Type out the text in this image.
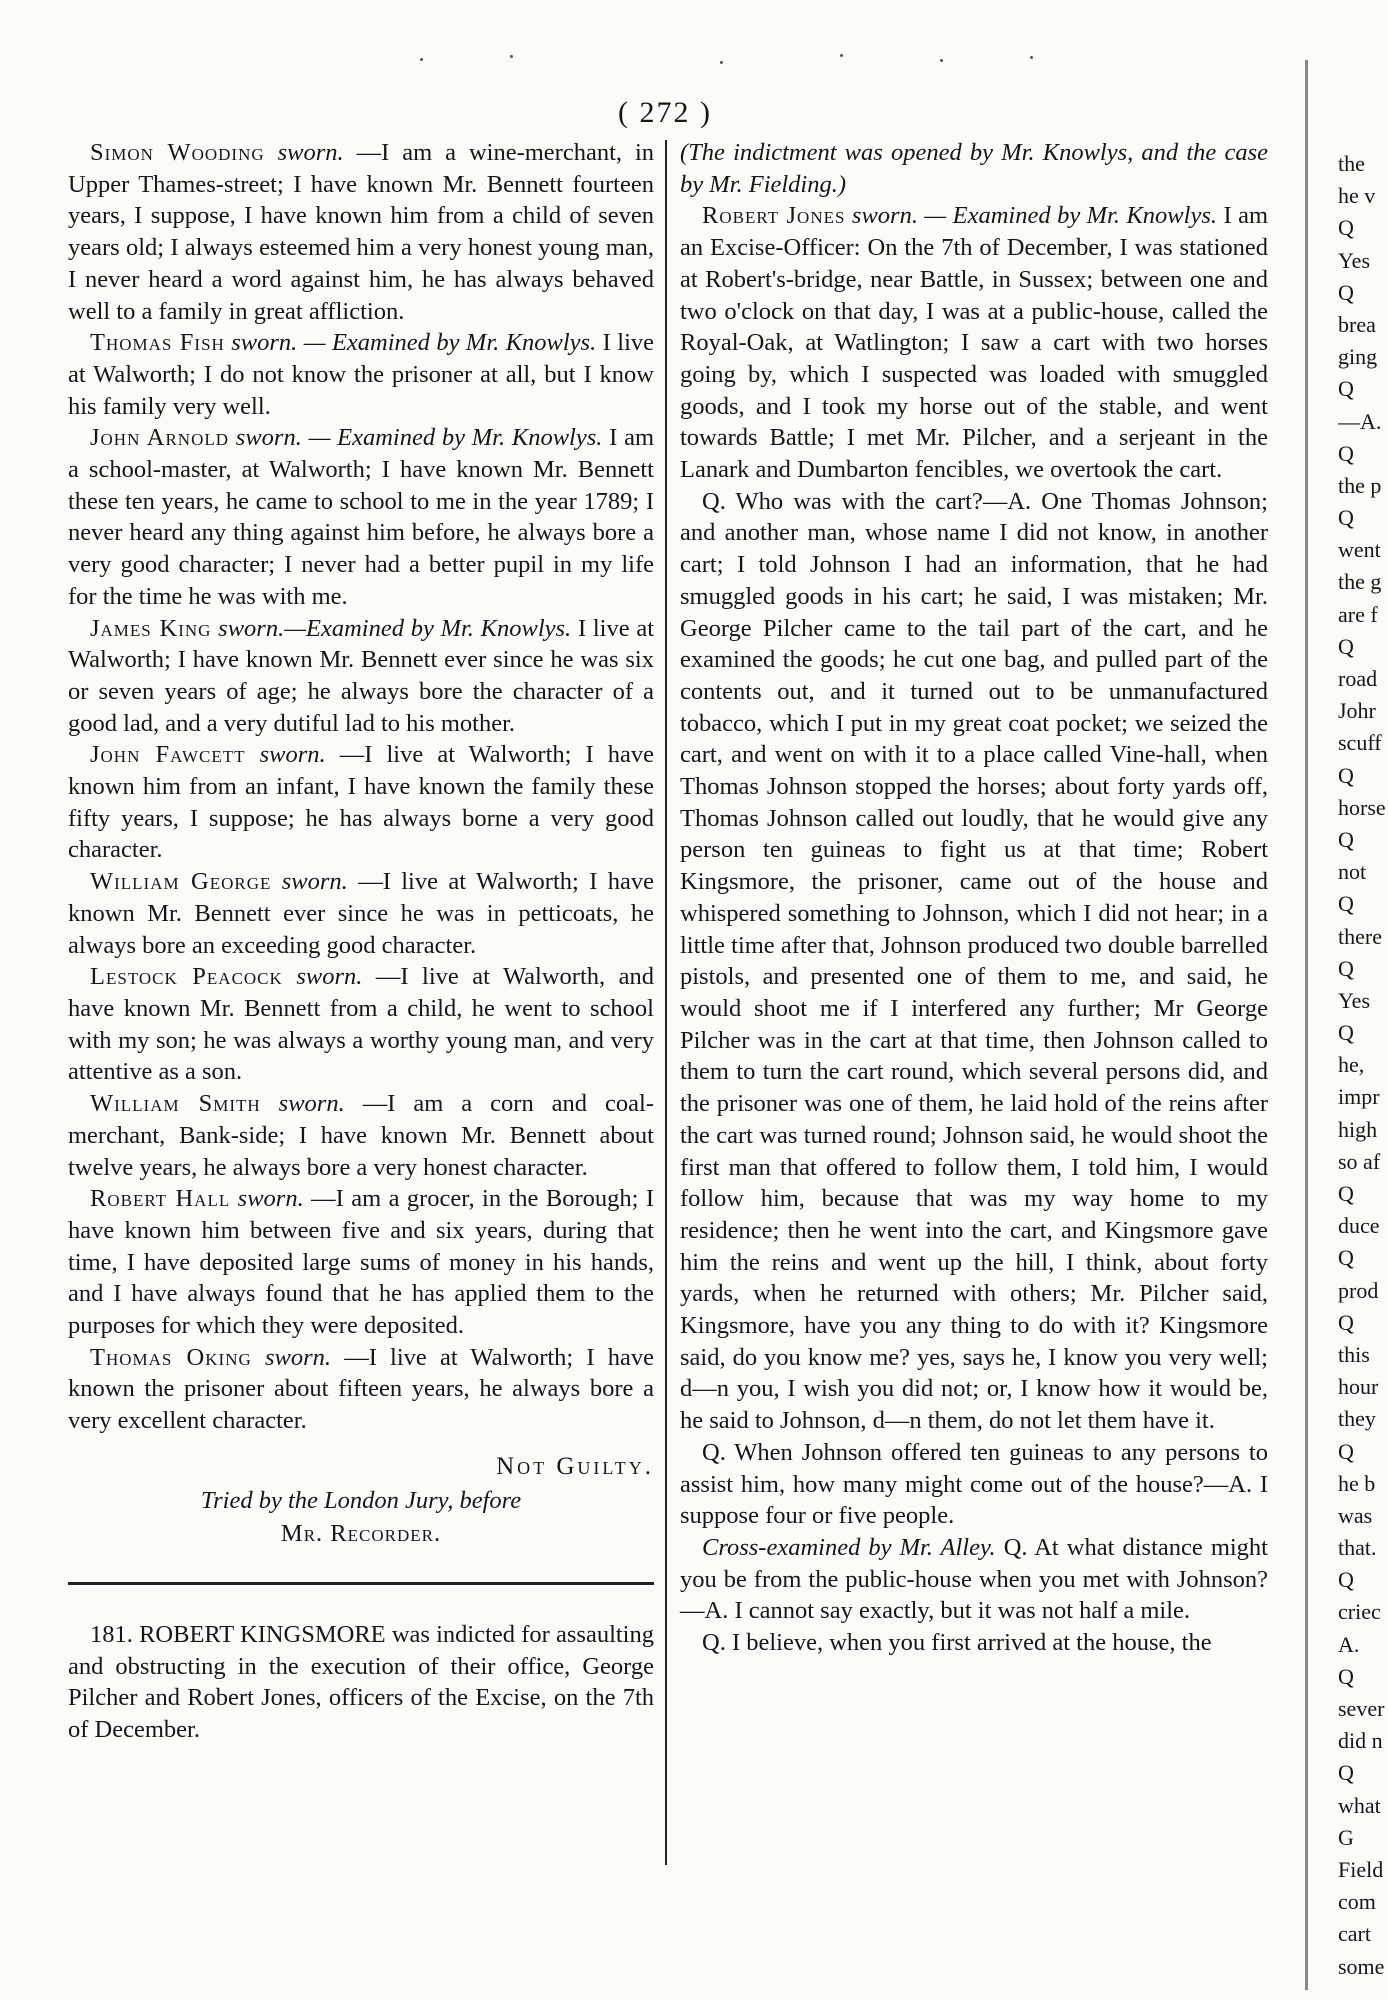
( 272 )

Simon Wooding sworn. —I am a wine-merchant, in Upper Thames-street; I have known Mr. Bennett fourteen years, I suppose, I have known him from a child of seven years old; I always esteemed him a very honest young man, I never heard a word against him, he has always behaved well to a family in great affliction.

Thomas Fish sworn. — Examined by Mr. Knowlys. I live at Walworth; I do not know the prisoner at all, but I know his family very well.

John Arnold sworn. — Examined by Mr. Knowlys. I am a school-master, at Walworth; I have known Mr. Bennett these ten years, he came to school to me in the year 1789; I never heard any thing against him before, he always bore a very good character; I never had a better pupil in my life for the time he was with me.

James King sworn.—Examined by Mr. Knowlys. I live at Walworth; I have known Mr. Bennett ever since he was six or seven years of age; he always bore the character of a good lad, and a very dutiful lad to his mother.

John Fawcett sworn. —I live at Walworth; I have known him from an infant, I have known the family these fifty years, I suppose; he has always borne a very good character.

William George sworn. —I live at Walworth; I have known Mr. Bennett ever since he was in petticoats, he always bore an exceeding good character.

Lestock Peacock sworn. —I live at Walworth, and have known Mr. Bennett from a child, he went to school with my son; he was always a worthy young man, and very attentive as a son.

William Smith sworn. —I am a corn and coal-merchant, Bank-side; I have known Mr. Bennett about twelve years, he always bore a very honest character.

Robert Hall sworn. —I am a grocer, in the Borough; I have known him between five and six years, during that time, I have deposited large sums of money in his hands, and I have always found that he has applied them to the purposes for which they were deposited.

Thomas Oking sworn. —I live at Walworth; I have known the prisoner about fifteen years, he always bore a very excellent character.

Not Guilty.
Tried by the London Jury, before
Mr. Recorder.

181. ROBERT KINGSMORE was indicted for assaulting and obstructing in the execution of their office, George Pilcher and Robert Jones, officers of the Excise, on the 7th of December.

(The indictment was opened by Mr. Knowlys, and the case by Mr. Fielding.)

Robert Jones sworn. — Examined by Mr. Knowlys. I am an Excise-Officer: On the 7th of December, I was stationed at Robert's-bridge, near Battle, in Sussex; between one and two o'clock on that day, I was at a public-house, called the Royal-Oak, at Watlington; I saw a cart with two horses going by, which I suspected was loaded with smuggled goods, and I took my horse out of the stable, and went towards Battle; I met Mr. Pilcher, and a serjeant in the Lanark and Dumbarton fencibles, we overtook the cart.

Q. Who was with the cart?—A. One Thomas Johnson; and another man, whose name I did not know, in another cart; I told Johnson I had an information, that he had smuggled goods in his cart; he said, I was mistaken; Mr. George Pilcher came to the tail part of the cart, and he examined the goods; he cut one bag, and pulled part of the contents out, and it turned out to be unmanufactured tobacco, which I put in my great coat pocket; we seized the cart, and went on with it to a place called Vine-hall, when Thomas Johnson stopped the horses; about forty yards off, Thomas Johnson called out loudly, that he would give any person ten guineas to fight us at that time; Robert Kingsmore, the prisoner, came out of the house and whispered something to Johnson, which I did not hear; in a little time after that, Johnson produced two double barrelled pistols, and presented one of them to me, and said, he would shoot me if I interfered any further; Mr George Pilcher was in the cart at that time, then Johnson called to them to turn the cart round, which several persons did, and the prisoner was one of them, he laid hold of the reins after the cart was turned round; Johnson said, he would shoot the first man that offered to follow them, I told him, I would follow him, because that was my way home to my residence; then he went into the cart, and Kingsmore gave him the reins and went up the hill, I think, about forty yards, when he returned with others; Mr. Pilcher said, Kingsmore, have you any thing to do with it? Kingsmore said, do you know me? yes, says he, I know you very well; d—n you, I wish you did not; or, I know how it would be, he said to Johnson, d—n them, do not let them have it.

Q. When Johnson offered ten guineas to any persons to assist him, how many might come out of the house?—A. I suppose four or five people.

Cross-examined by Mr. Alley. Q. At what distance might you be from the public-house when you met with Johnson?—A. I cannot say exactly, but it was not half a mile.

Q. I believe, when you first arrived at the house, the

the
he v
Q
Yes
Q
brea
ging
Q
—A.
Q
the p
Q
went
the g
are f
Q
road
Johr
scuff
Q
horse
Q
not
Q
there
Q
Yes
Q
he,
impr
high
so af
Q
duce
Q
prod
Q
this
hour
they
Q
he b
was
that.
Q
criec
A.
Q
sever
did n
Q
what
G
Field
com
cart
some
